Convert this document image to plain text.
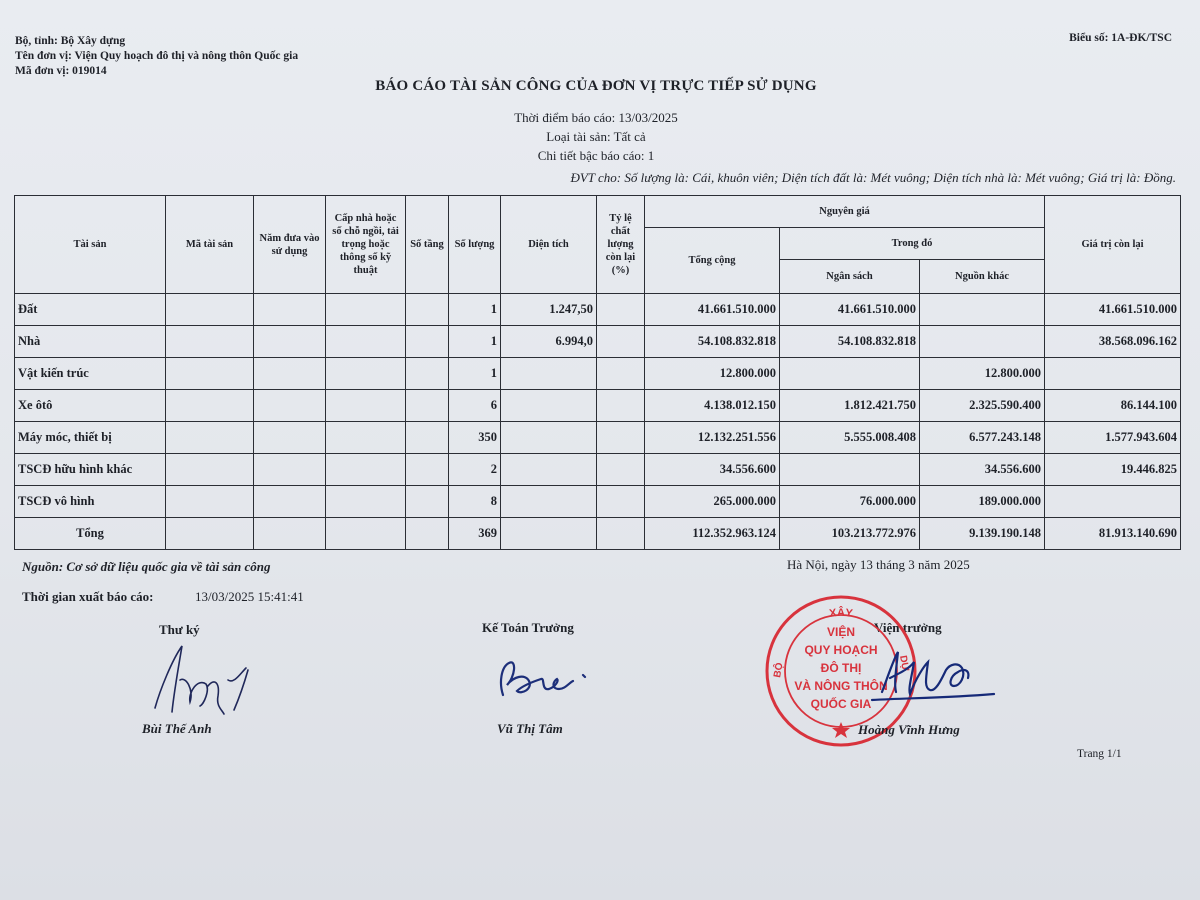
Bộ, tỉnh: Bộ Xây dựng
Tên đơn vị: Viện Quy hoạch đô thị và nông thôn Quốc gia
Mã đơn vị: 019014
Biểu số: 1A-ĐK/TSC
BÁO CÁO TÀI SẢN CÔNG CỦA ĐƠN VỊ TRỰC TIẾP SỬ DỤNG
Thời điểm báo cáo: 13/03/2025
Loại tài sản: Tất cả
Chi tiết bậc báo cáo: 1
ĐVT cho: Số lượng là: Cái, khuôn viên; Diện tích đất là: Mét vuông; Diện tích nhà là: Mét vuông; Giá trị là: Đồng.
Tài sản	Mã tài sản	Năm đưa vào sử dụng	Cấp nhà hoặc số chỗ ngồi, tải trọng hoặc thông số kỹ thuật	Số tầng	Số lượng	Diện tích	Tỷ lệ chất lượng còn lại (%)	Nguyên giá			Giá trị còn lại
								Tổng cộng	Trong đó		
									Ngân sách	Nguồn khác	
Đất					1	1.247,50		41.661.510.000	41.661.510.000		41.661.510.000
Nhà					1	6.994,0		54.108.832.818	54.108.832.818		38.568.096.162
Vật kiến trúc					1			12.800.000		12.800.000	
Xe ôtô					6			4.138.012.150	1.812.421.750	2.325.590.400	86.144.100
Máy móc, thiết bị					350			12.132.251.556	5.555.008.408	6.577.243.148	1.577.943.604
TSCĐ hữu hình khác					2			34.556.600		34.556.600	19.446.825
TSCĐ vô hình					8			265.000.000	76.000.000	189.000.000	
Tổng					369			112.352.963.124	103.213.772.976	9.139.190.148	81.913.140.690
Nguồn: Cơ sở dữ liệu quốc gia về tài sản công
Thời gian xuất báo cáo:	13/03/2025 15:41:41
Hà Nội, ngày 13 tháng 3 năm 2025
Thư ký	Kế Toán Trưởng	Viện trưởng
XÂY
BỘ	DỰ
VIỆN
QUY HOẠCH
ĐÔ THỊ
VÀ NÔNG THÔN
QUỐC GIA
Bùi Thế Anh	Vũ Thị Tâm	Hoàng Vĩnh Hưng
Trang 1/1
